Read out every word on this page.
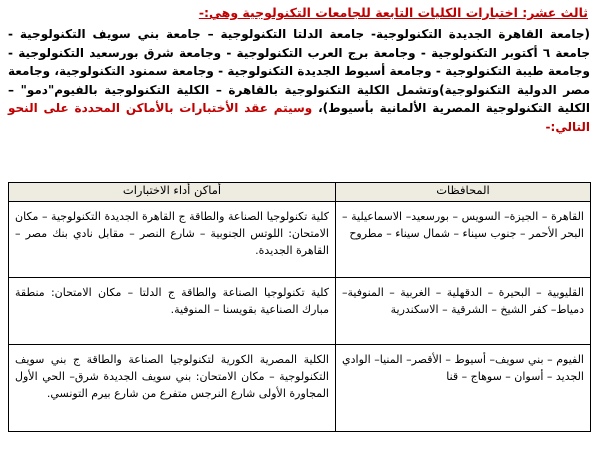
ثالث عشر: اختبارات الكليات التابعة للجامعات التكنولوجية وهي:-

(جامعة القاهرة الجديدة التكنولوجية- جامعة الدلتا التكنولوجية – جامعة بني سويف التكنولوجية - جامعة ٦ أكتوبر التكنولوجية - وجامعة برج العرب التكنولوجية - وجامعة شرق بورسعيد التكنولوجية - وجامعة طيبة التكنولوجية - وجامعة أسيوط الجديدة التكنولوجية - وجامعة سمنود التكنولوجية، وجامعة مصر الدولية التكنولوجية)وتشمل الكلية التكنولوجية بالقاهرة – الكلية التكنولوجية بالفيوم"دمو" – الكلية التكنولوجية المصرية الألمانية بأسيوط)، وسيتم عقد الأختبارات بالأماكن المحددة على النحو التالي:-

المحافظات	أماكن أداء الاختبارات
القاهرة – الجيزة– السويس – بورسعيد– الاسماعيلية – البحر الأحمر – جنوب سيناء – شمال سيناء – مطروح	كلية تكنولوجيا الصناعة والطاقة ج القاهرة الجديدة التكنولوجية – مكان الامتحان: اللوتس الجنوبية – شارع النصر – مقابل نادي بنك مصر – القاهرة الجديدة.
القليوبية – البحيرة – الدقهلية – الغربية – المنوفية– دمياط– كفر الشيخ – الشرقية – الاسكندرية	كلية تكنولوجيا الصناعة والطاقة ج الدلتا – مكان الامتحان: منطقة مبارك الصناعية بقويسنا – المنوفية.
الفيوم – بني سويف– أسيوط – الأقصر– المنيا– الوادي الجديد – أسوان – سوهاج – قنا	الكلية المصرية الكورية لتكنولوجيا الصناعة والطاقة ج بني سويف التكنولوجية – مكان الامتحان: بني سويف الجديدة شرق– الحي الأول المجاورة الأولى شارع النرجس متفرع من شارع بيرم التونسي.
